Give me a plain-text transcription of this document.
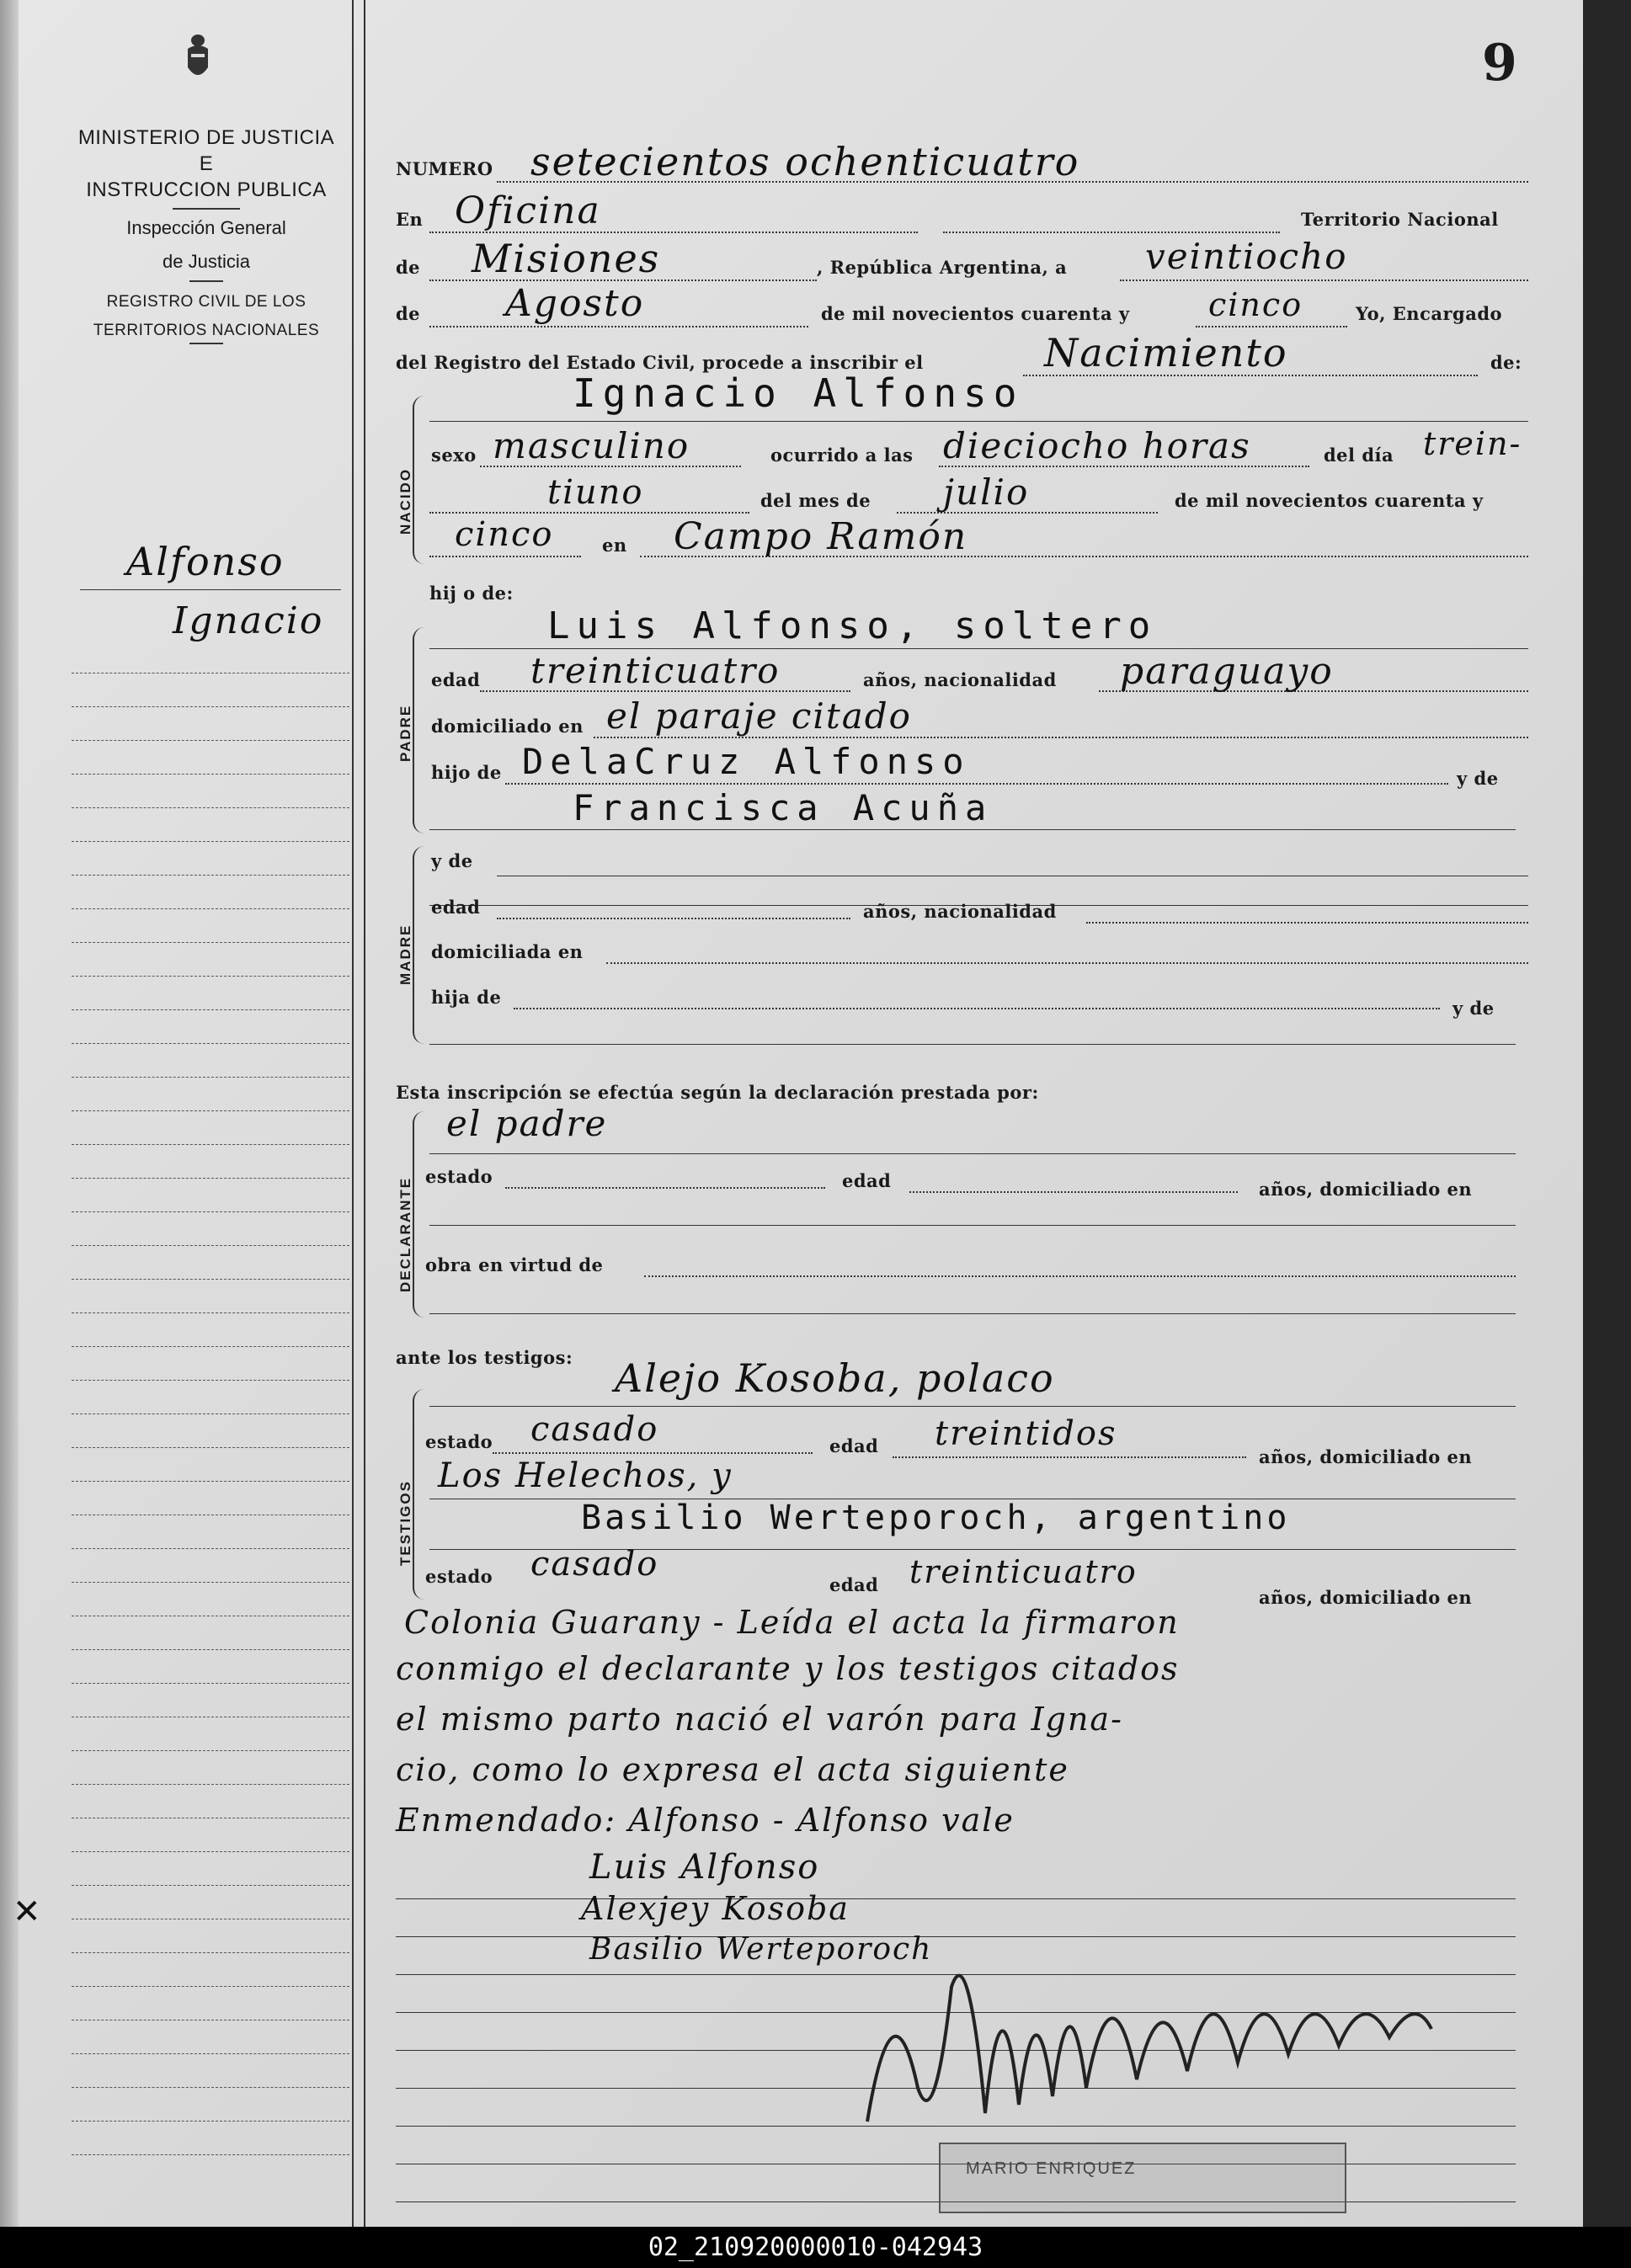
MINISTERIO DE JUSTICIA
E
INSTRUCCION PUBLICA
Inspección General
de Justicia
REGISTRO CIVIL DE LOS
TERRITORIOS NACIONALES
Alfonso
Ignacio
9
NUMERO setecientos ochenticuatro
En Oficina	Territorio Nacional
de Misiones	, República Argentina, a veintiocho
de Agosto	de mil novecientos cuarenta y cinco	Yo, Encargado
del Registro del Estado Civil, procede a inscribir el	Nacimiento	de:
NACIDO
Ignacio Alfonso
sexo masculino	ocurrido a las dieciocho horas	del día trein-
tiuno	del mes de julio	de mil novecientos cuarenta y
cinco	en Campo Ramón
hij o de:
PADRE
Luis Alfonso, soltero
edad treinticuatro	años, nacionalidad paraguayo
domiciliado en el paraje citado
hijo de DelaCruz Alfonso	y de
Francisca Acuña
MADRE
y de
edad	años, nacionalidad
domiciliada en
hija de
y de
Esta inscripción se efectúa según la declaración prestada por:
DECLARANTE
el padre
estado	edad	años, domiciliado en
obra en virtud de
ante los testigos:
TESTIGOS
Alejo Kosoba, polaco
estado casado	edad treintidos
años, domiciliado en
Los Helechos, y
Basilio Werteporoch, argentino
estado casado
edad treinticuatro
años, domiciliado en
Colonia Guarany - Leída el acta la firmaron
conmigo el declarante y los testigos citados
el mismo parto nació el varón para Igna-
cio, como lo expresa el acta siguiente
Enmendado: Alfonso - Alfonso vale
Luis Alfonso
Alexjey Kosoba
Basilio Werteporoch
MARIO ENRIQUEZ
✕
02_210920000010-042943
